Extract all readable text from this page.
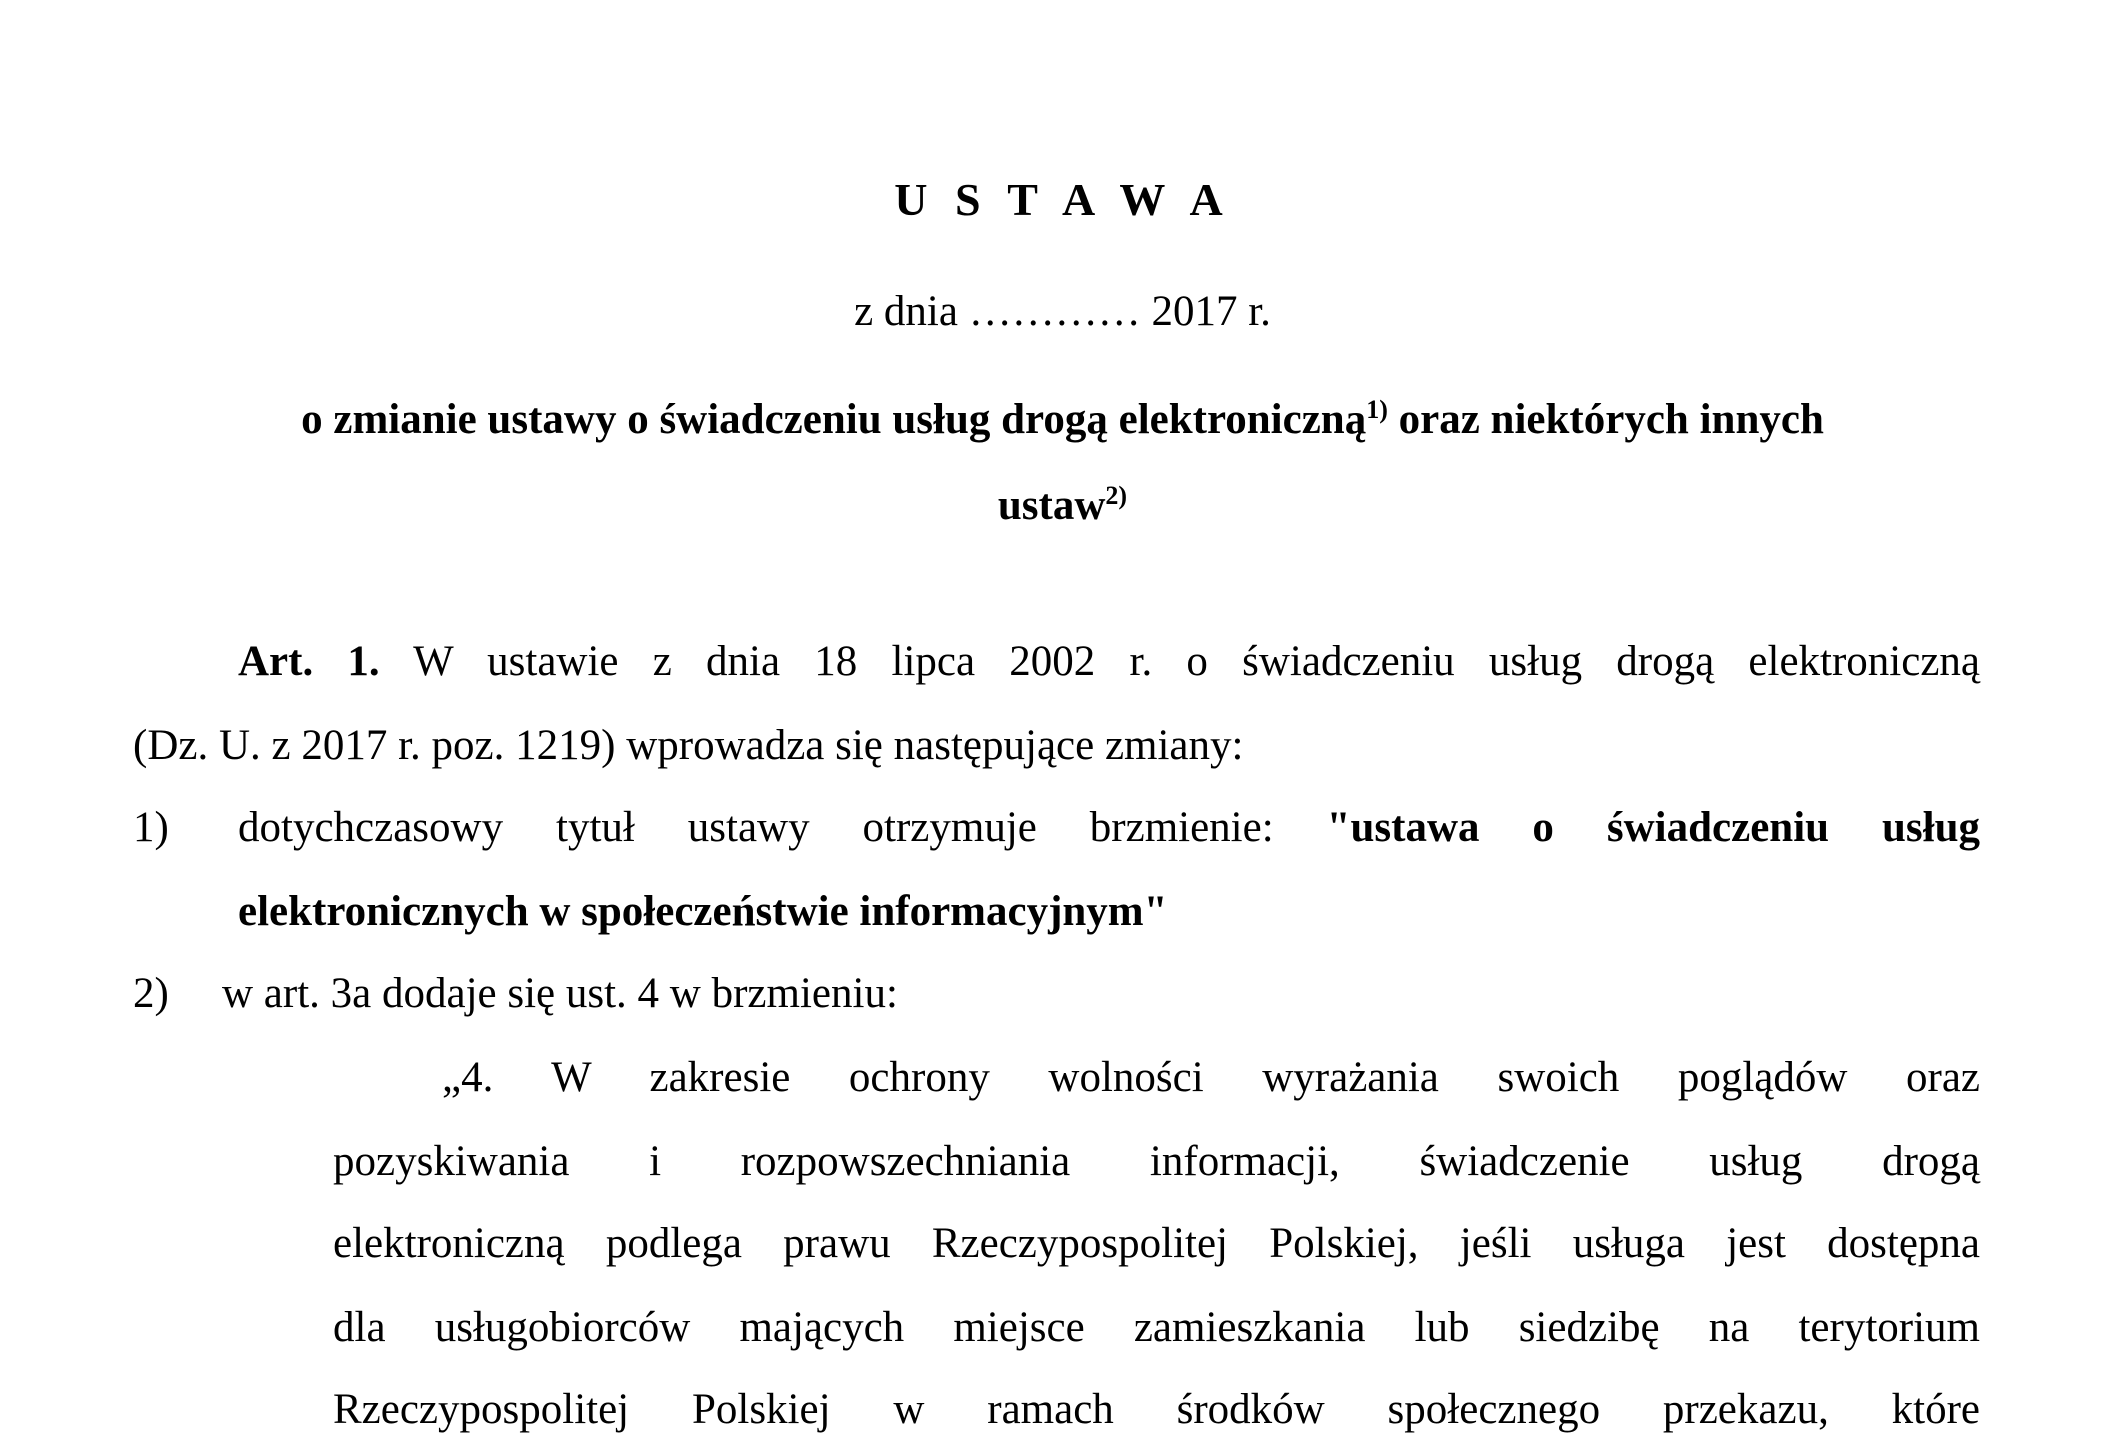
U S T A W A
z dnia ………… 2017 r.
o zmianie ustawy o świadczeniu usług drogą elektroniczną$^{1)}$ oraz niektórych innych
ustaw$^{2)}$
Art. 1. W ustawie z dnia 18 lipca 2002 r. o świadczeniu usług drogą elektroniczną
(Dz. U. z 2017 r. poz. 1219) wprowadza się następujące zmiany:
1) dotychczasowy tytuł ustawy otrzymuje brzmienie: "ustawa o świadczeniu usług
elektronicznych w społeczeństwie informacyjnym"
2) w art. 3a dodaje się ust. 4 w brzmieniu:
„4. W zakresie ochrony wolności wyrażania swoich poglądów oraz
pozyskiwania i rozpowszechniania informacji, świadczenie usług drogą
elektroniczną podlega prawu Rzeczypospolitej Polskiej, jeśli usługa jest dostępna
dla usługobiorców mających miejsce zamieszkania lub siedzibę na terytorium
Rzeczypospolitej Polskiej w ramach środków społecznego przekazu, które
